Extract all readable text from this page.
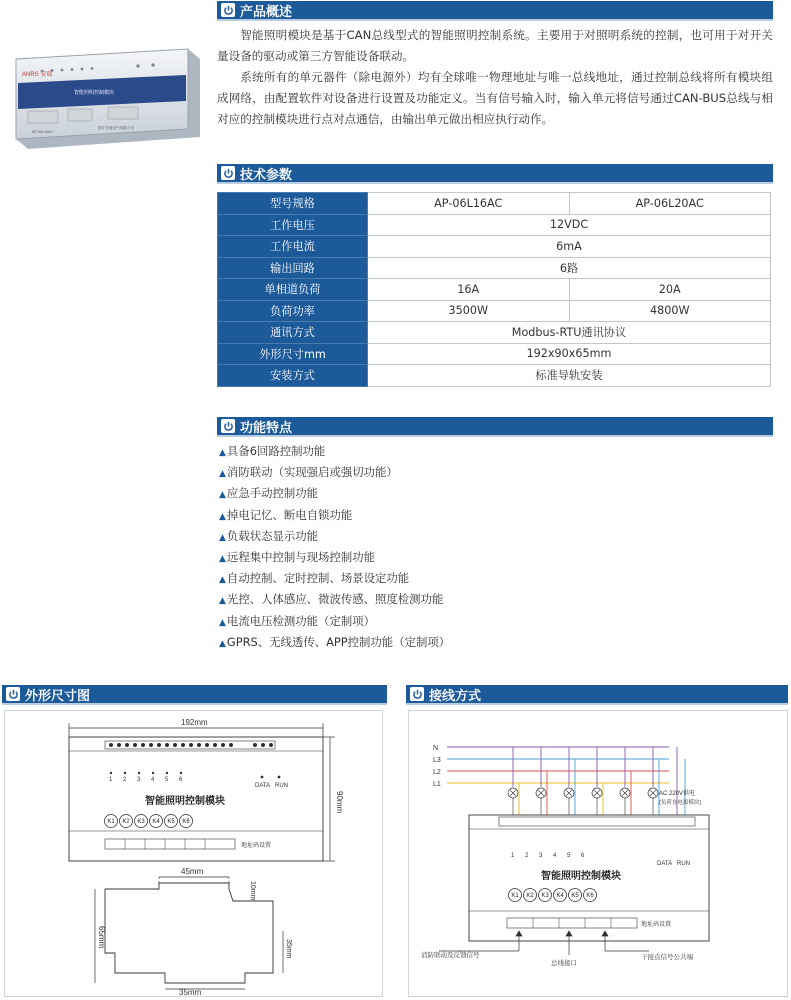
产品概述
ANRS 安瑞
智能照明控制模块
AP-06L16AC
浙江安瑞电气有限公司

智能照明模块是基于CAN总线型式的智能照明控制系统。主要用于对照明系统的控制，也可用于对开关量设备的驱动或第三方智能设备联动。

系统所有的单元器件（除电源外）均有全球唯一物理地址与唯一总线地址，通过控制总线将所有模块组成网络，由配置软件对设备进行设置及功能定义。当有信号输入时，输入单元将信号通过CAN-BUS总线与相对应的控制模块进行点对点通信，由输出单元做出相应执行动作。

技术参数
型号规格	AP-06L16AC	AP-06L20AC
工作电压	12VDC	
工作电流	6mA	
输出回路	6路	
单相道负荷	16A	20A
负荷功率	3500W	4800W
通讯方式	Modbus-RTU通讯协议	
外形尺寸mm	192x90x65mm	
安装方式	标准导轨安装	
功能特点
▲具备6回路控制功能
▲消防联动（实现强启或强切功能）
▲应急手动控制功能
▲掉电记忆、断电自锁功能
▲负载状态显示功能
▲远程集中控制与现场控制功能
▲自动控制、定时控制、场景设定功能
▲光控、人体感应、微波传感、照度检测功能
▲电流电压检测功能（定制项）
▲GPRS、无线透传、APP控制功能（定制项）
外形尺寸图
192mm
1 2 3 4 5 6
DATA RUN
智能照明控制模块
K1 K2 K3 K4 K5 K6
地址码设置
90mm
45mm
10mm
65mm
35mm
35mm
接线方式
N
L3
L2
L1
AC 220V供电
(负荷直电源模块)
1 2 3 4 5 6
DATA RUN
智能照明控制模块
K1 K2 K3 K4 K5 K6
地址码设置
消防联动及反馈信号
总线接口
干接点信号公共端
